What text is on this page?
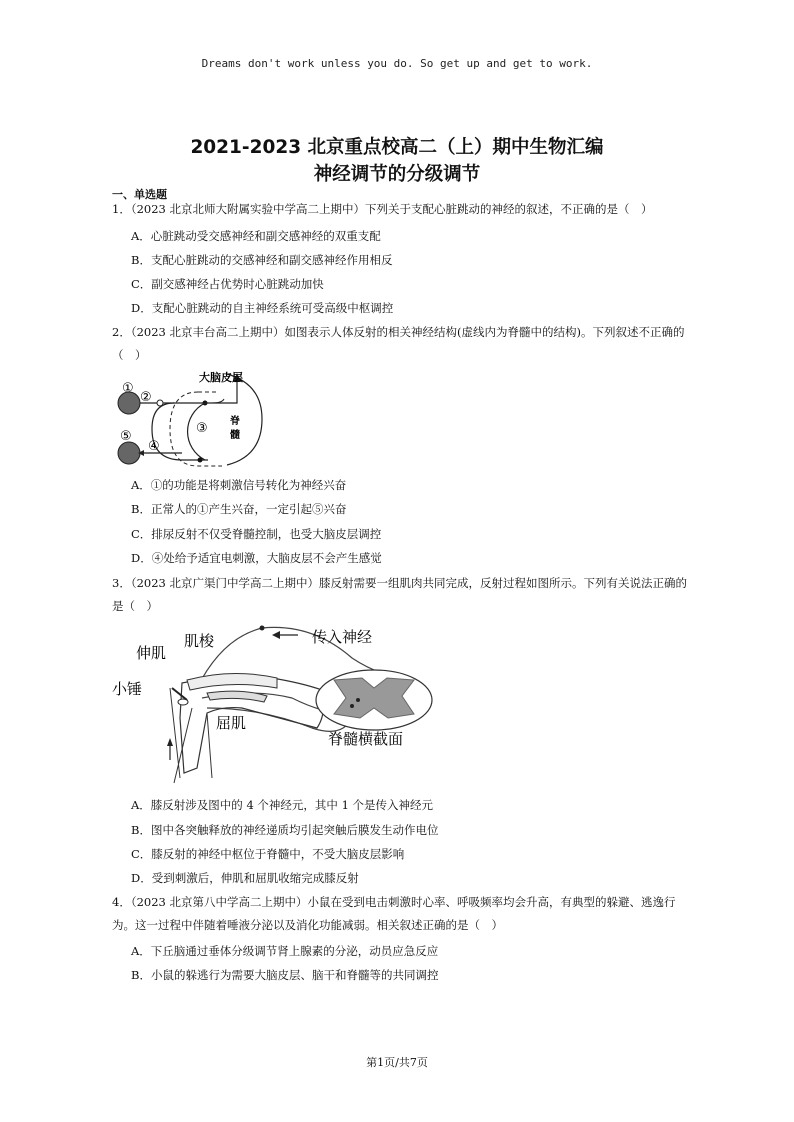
Dreams don't work unless you do. So get up and get to work.
2021-2023 北京重点校高二（上）期中生物汇编
神经调节的分级调节
一、单选题
1．（2023 北京北师大附属实验中学高二上期中）下列关于支配心脏跳动的神经的叙述，不正确的是（　）
A．心脏跳动受交感神经和副交感神经的双重支配
B．支配心脏跳动的交感神经和副交感神经作用相反
C．副交感神经占优势时心脏跳动加快
D．支配心脏跳动的自主神经系统可受高级中枢调控
2．（2023 北京丰台高二上期中）如图表示人体反射的相关神经结构(虚线内为脊髓中的结构)。下列叙述不正确的（　）
①
②
③
④
⑤
大脑皮层
脊
髓
A．①的功能是将刺激信号转化为神经兴奋
B．正常人的①产生兴奋，一定引起⑤兴奋
C．排尿反射不仅受脊髓控制，也受大脑皮层调控
D．④处给予适宜电刺激，大脑皮层不会产生感觉
3．（2023 北京广渠门中学高二上期中）膝反射需要一组肌肉共同完成，反射过程如图所示。下列有关说法正确的是（　）
伸肌
肌梭	传入神经
小锤
屈肌
脊髓横截面
A．膝反射涉及图中的 4 个神经元，其中 1 个是传入神经元
B．图中各突触释放的神经递质均引起突触后膜发生动作电位
C．膝反射的神经中枢位于脊髓中，不受大脑皮层影响
D．受到刺激后，伸肌和屈肌收缩完成膝反射
4．（2023 北京第八中学高二上期中）小鼠在受到电击刺激时心率、呼吸频率均会升高，有典型的躲避、逃逸行为。这一过程中伴随着唾液分泌以及消化功能减弱。相关叙述正确的是（　）
A．下丘脑通过垂体分级调节肾上腺素的分泌，动员应急反应
B．小鼠的躲逃行为需要大脑皮层、脑干和脊髓等的共同调控
第1页/共7页
